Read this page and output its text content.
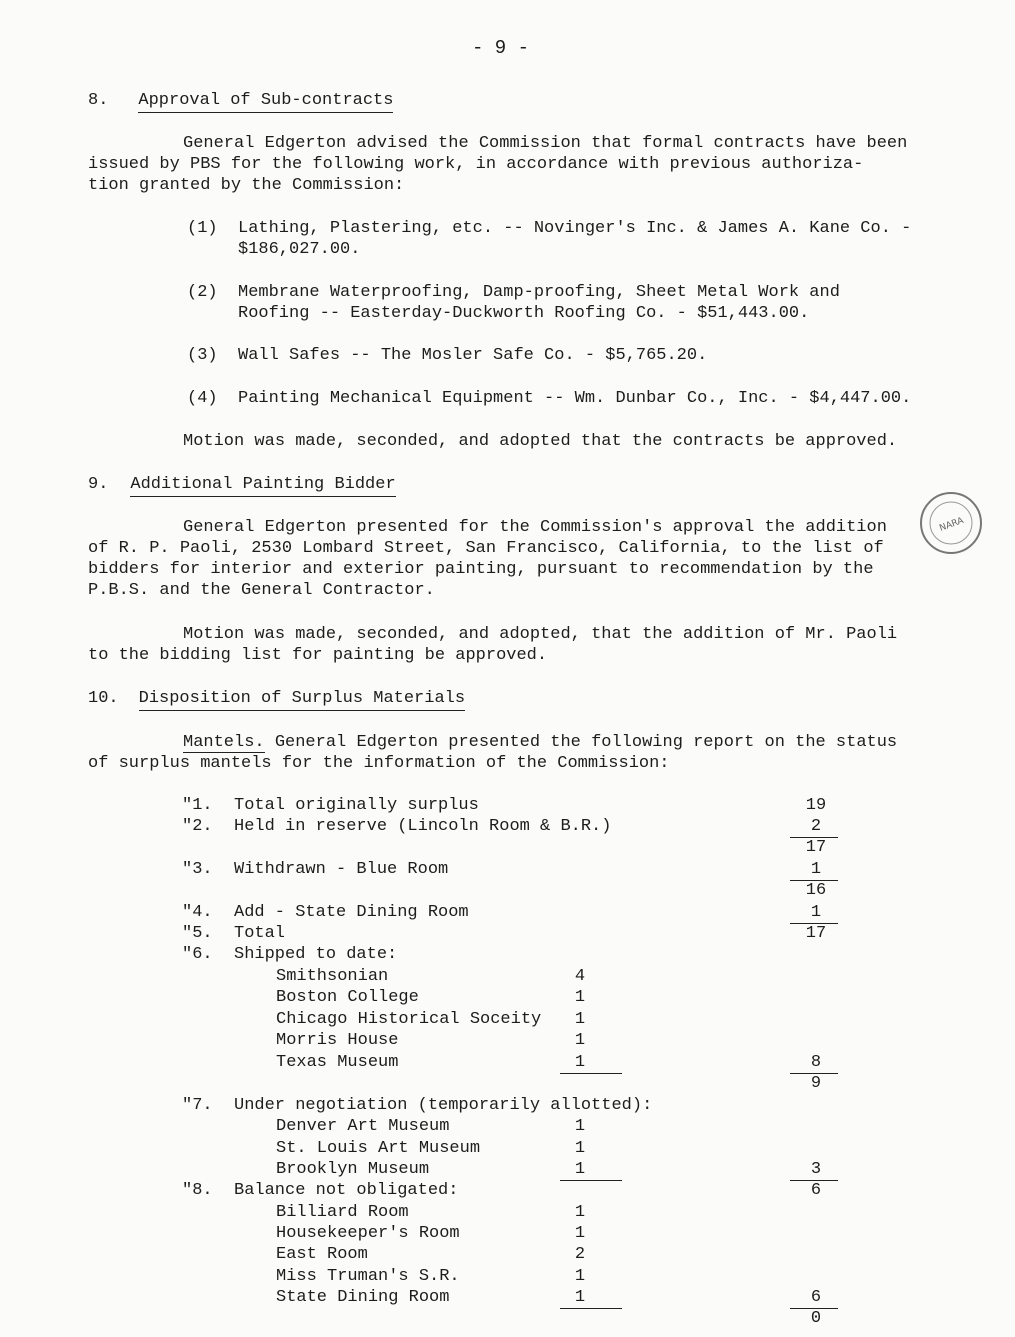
- 9 -
8. Approval of Sub-contracts
General Edgerton advised the Commission that formal contracts have been
issued by PBS for the following work, in accordance with previous authoriza-
tion granted by the Commission:
(1) Lathing, Plastering, etc. -- Novinger's Inc. & James A. Kane Co. -
$186,027.00.
(2) Membrane Waterproofing, Damp-proofing, Sheet Metal Work and
Roofing -- Easterday-Duckworth Roofing Co. - $51,443.00.
(3) Wall Safes -- The Mosler Safe Co. - $5,765.20.
(4) Painting Mechanical Equipment -- Wm. Dunbar Co., Inc. - $4,447.00.
Motion was made, seconded, and adopted that the contracts be approved.
9. Additional Painting Bidder
General Edgerton presented for the Commission's approval the addition
of R. P. Paoli, 2530 Lombard Street, San Francisco, California, to the list of
bidders for interior and exterior painting, pursuant to recommendation by the
P.B.S. and the General Contractor.
Motion was made, seconded, and adopted, that the addition of Mr. Paoli
to the bidding list for painting be approved.
10. Disposition of Surplus Materials
Mantels. General Edgerton presented the following report on the status
of surplus mantels for the information of the Commission:
"1. Total originally surplus	19
"2. Held in reserve (Lincoln Room & B.R.)	2
17
"3. Withdrawn - Blue Room	1
16
"4. Add - State Dining Room	1
"5. Total	17
"6. Shipped to date:
Smithsonian	4
Boston College	1
Chicago Historical Soceity	1
Morris House	1
Texas Museum	1	8
9
"7. Under negotiation (temporarily allotted):
Denver Art Museum	1
St. Louis Art Museum	1
Brooklyn Museum	1	3
"8. Balance not obligated:	6
Billiard Room	1
Housekeeper's Room	1
East Room	2
Miss Truman's S.R.	1
State Dining Room	1	6
0
NARA
